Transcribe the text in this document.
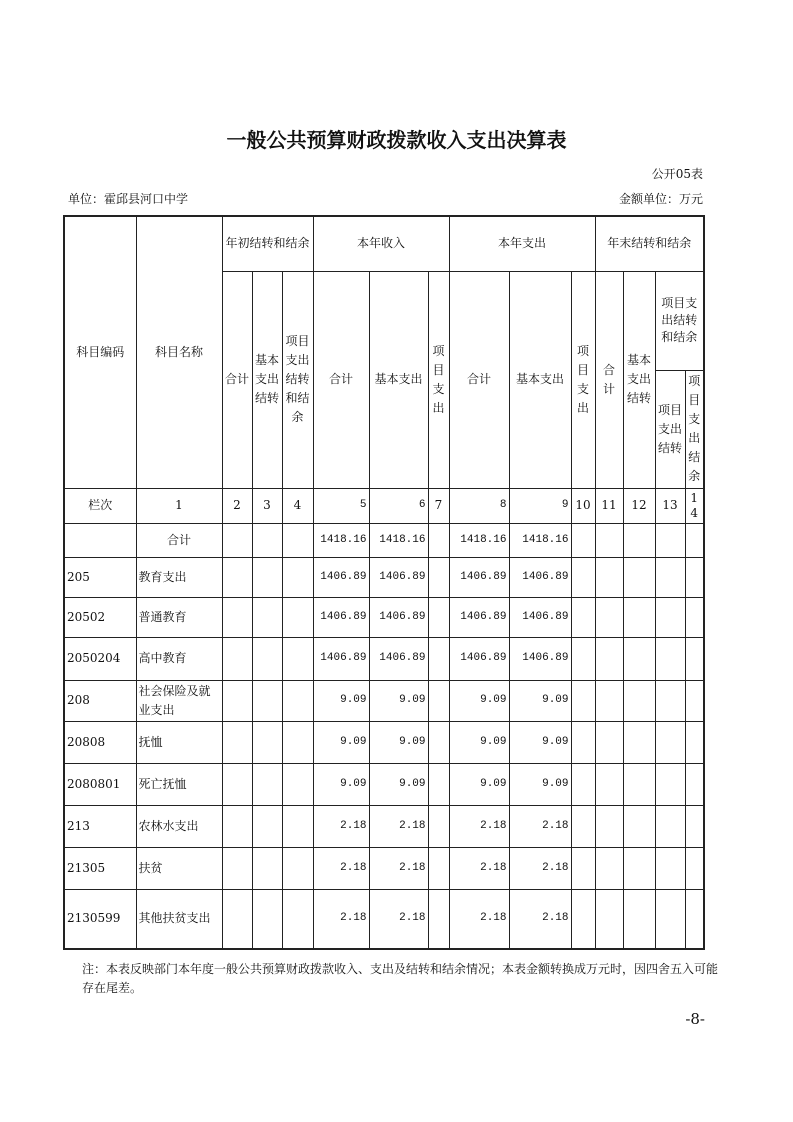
一般公共预算财政拨款收入支出决算表
公开05表
单位：霍邱县河口中学	金额单位：万元
科目编码	科目名称	年初结转和结余			本年收入			本年支出			年末结转和结余			
		合计	基本支出结转	项目支出结转和结余	合计	基本支出	项目支出	合计	基本支出	项目支出	合计	基本支出结转	项目支出结转和结余	
													项目支出结转	项目支出结余
栏次	1	2	3	4	5	6	7	8	9	10	11	12	13	14
	合计				1418.16	1418.16		1418.16	1418.16					
205	教育支出				1406.89	1406.89		1406.89	1406.89					
20502	普通教育				1406.89	1406.89		1406.89	1406.89					
2050204	高中教育				1406.89	1406.89		1406.89	1406.89					
208	社会保险及就业支出				9.09	9.09		9.09	9.09					
20808	抚恤				9.09	9.09		9.09	9.09					
2080801	死亡抚恤				9.09	9.09		9.09	9.09					
213	农林水支出				2.18	2.18		2.18	2.18					
21305	扶贫				2.18	2.18		2.18	2.18					
2130599	其他扶贫支出				2.18	2.18		2.18	2.18					
注：本表反映部门本年度一般公共预算财政拨款收入、支出及结转和结余情况；本表金额转换成万元时，因四舍五入可能存在尾差。
-8-
